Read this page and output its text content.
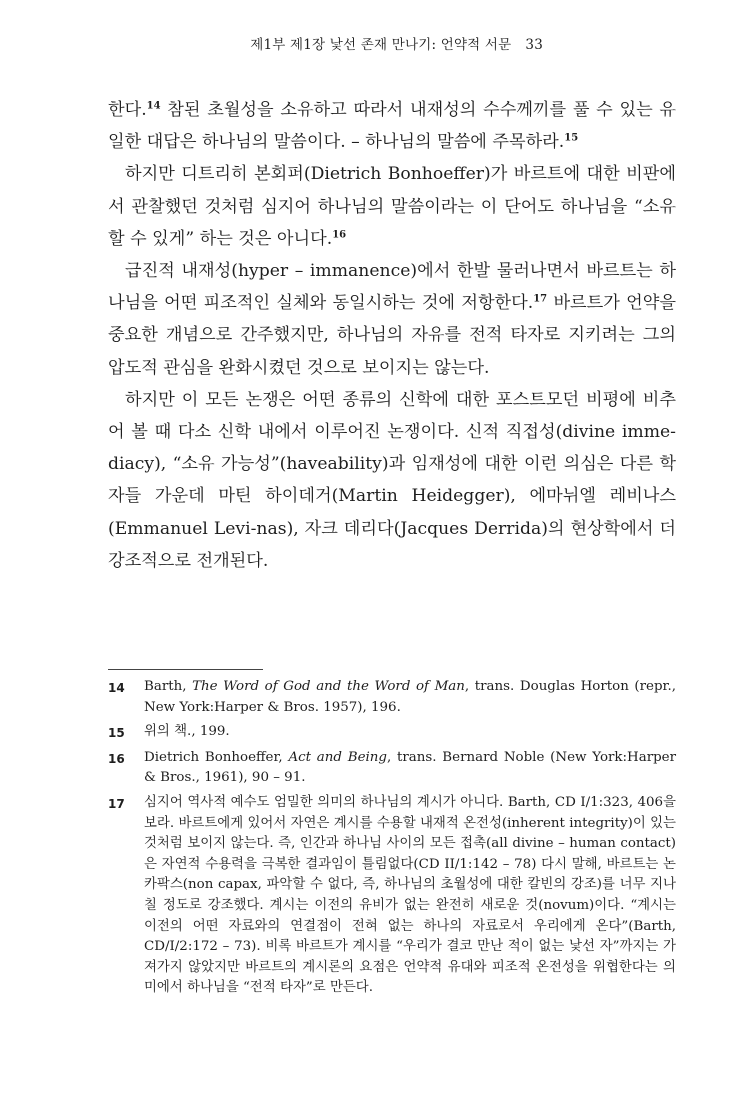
제1부 제1장 낯선 존재 만나기: 언약적 서문 33

한다.$^{14}$ 참된 초월성을 소유하고 따라서 내재성의 수수께끼를 풀 수 있는 유일한 대답은 하나님의 말씀이다. – 하나님의 말씀에 주목하라.$^{15}$

하지만 디트리히 본회퍼(Dietrich Bonhoeffer)가 바르트에 대한 비판에서 관찰했던 것처럼 심지어 하나님의 말씀이라는 이 단어도 하나님을 “소유할 수 있게” 하는 것은 아니다.$^{16}$

급진적 내재성(hyper – immanence)에서 한발 물러나면서 바르트는 하나님을 어떤 피조적인 실체와 동일시하는 것에 저항한다.$^{17}$ 바르트가 언약을 중요한 개념으로 간주했지만, 하나님의 자유를 전적 타자로 지키려는 그의 압도적 관심을 완화시켰던 것으로 보이지는 않는다.

하지만 이 모든 논쟁은 어떤 종류의 신학에 대한 포스트모던 비평에 비추어 볼 때 다소 신학 내에서 이루어진 논쟁이다. 신적 직접성(divine imme-diacy), “소유 가능성”(haveability)과 임재성에 대한 이런 의심은 다른 학자들 가운데 마틴 하이데거(Martin Heidegger), 에마뉘엘 레비나스(Emmanuel Levi-nas), 자크 데리다(Jacques Derrida)의 현상학에서 더 강조적으로 전개된다.

14	Barth, The Word of God and the Word of Man, trans. Douglas Horton (repr., New York:Harper & Bros. 1957), 196.
15	위의 책., 199.
16	Dietrich Bonhoeffer, Act and Being, trans. Bernard Noble (New York:Harper & Bros., 1961), 90 – 91.
17	심지어 역사적 예수도 엄밀한 의미의 하나님의 계시가 아니다. Barth, CD I/1:323, 406을 보라. 바르트에게 있어서 자연은 계시를 수용할 내재적 온전성(inherent integrity)이 있는 것처럼 보이지 않는다. 즉, 인간과 하나님 사이의 모든 접촉(all divine – human contact)은 자연적 수용력을 극복한 결과임이 틀림없다(CD II/1:142 – 78) 다시 말해, 바르트는 논 카팍스(non capax, 파악할 수 없다, 즉, 하나님의 초월성에 대한 칼빈의 강조)를 너무 지나칠 정도로 강조했다. 계시는 이전의 유비가 없는 완전히 새로운 것(novum)이다. “계시는 이전의 어떤 자료와의 연결점이 전혀 없는 하나의 자료로서 우리에게 온다”(Barth, CD/I/2:172 – 73). 비록 바르트가 계시를 “우리가 결코 만난 적이 없는 낯선 자”까지는 가져가지 않았지만 바르트의 계시론의 요점은 언약적 유대와 피조적 온전성을 위협한다는 의미에서 하나님을 “전적 타자”로 만든다.
